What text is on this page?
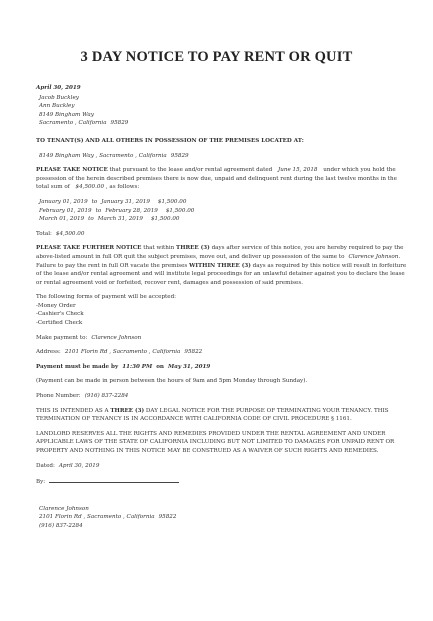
3 DAY NOTICE TO PAY RENT OR QUIT
April 30, 2019
Jacob Buckley
Ann Buckley
8149 Bingham Way
Sacramento , California 95829
TO TENANT(S) AND ALL OTHERS IN POSSESSION OF THE PREMISES LOCATED AT:
8149 Bingham Way , Sacramento , California 95829
PLEASE TAKE NOTICE that pursuant to the lease and/or rental agreement dated June 15, 2018 under which you hold the possession of the herein described premises there is now due, unpaid and delinquent rent during the last twelve months in the total sum of $4,500.00 , as follows:
January 01, 2019 to January 31, 2019 $1,500.00
February 01, 2019 to February 28, 2019 $1,500.00
March 01, 2019 to March 31, 2019 $1,500.00
Total: $4,500.00
PLEASE TAKE FURTHER NOTICE that within THREE (3) days after service of this notice, you are hereby required to pay the above-listed amount in full OR quit the subject premises, move out, and deliver up possession of the same to Clarence Johnson. Failure to pay the rent in full OR vacate the premises WITHIN THREE (3) days as required by this notice will result in forfeiture of the lease and/or rental agreement and will institute legal proceedings for an unlawful detainer against you to declare the lease or rental agreement void or forfeited, recover rent, damages and possession of said premises.
The following forms of payment will be accepted:
-Money Order
-Cashier's Check
-Certified Check
Make payment to: Clarence Johnson
Address: 2101 Florin Rd , Sacramento , California 95822
Payment must be made by 11:30 PM on May 31, 2019
(Payment can be made in person between the hours of 9am and 5pm Monday through Sunday).
Phone Number: (916) 837-2284
THIS IS INTENDED AS A THREE (3) DAY LEGAL NOTICE FOR THE PURPOSE OF TERMINATING YOUR TENANCY. THIS TERMINATION OF TENANCY IS IN ACCORDANCE WITH CALIFORNIA CODE OF CIVIL PROCEDURE § 1161.
LANDLORD RESERVES ALL THE RIGHTS AND REMEDIES PROVIDED UNDER THE RENTAL AGREEMENT AND UNDER APPLICABLE LAWS OF THE STATE OF CALIFORNIA INCLUDING BUT NOT LIMITED TO DAMAGES FOR UNPAID RENT OR PROPERTY AND NOTHING IN THIS NOTICE MAY BE CONSTRUED AS A WAIVER OF SUCH RIGHTS AND REMEDIES.
Dated: April 30, 2019
By:
Clarence Johnson
2101 Florin Rd , Sacramento , California 95822
(916) 837-2284
